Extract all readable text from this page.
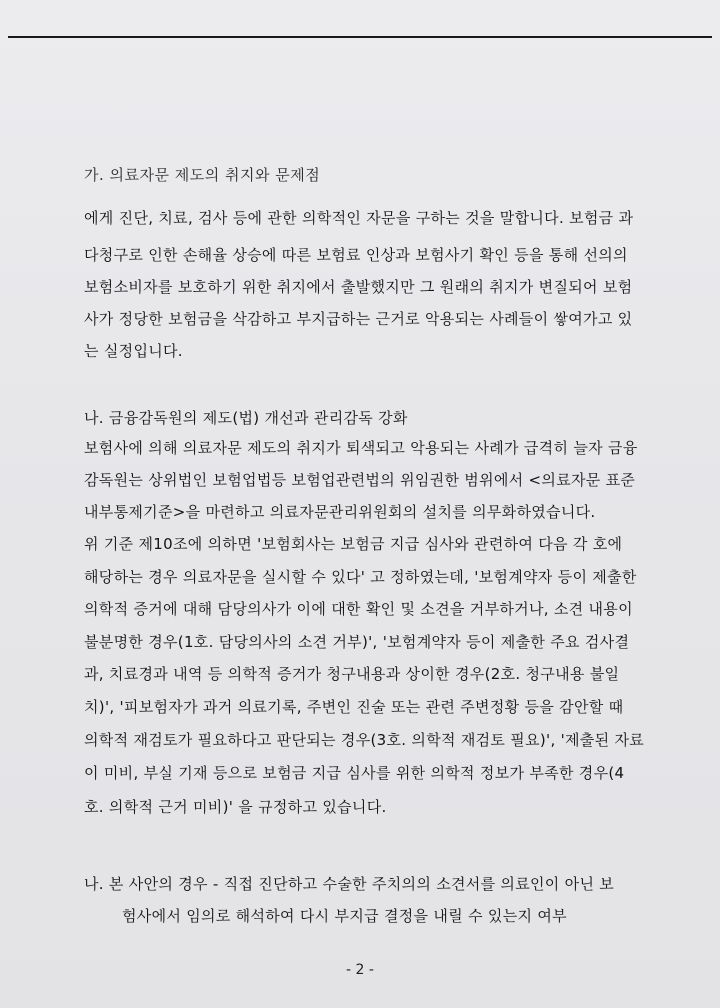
가. 의료자문 제도의 취지와 문제점
에게 진단, 치료, 검사 등에 관한 의학적인 자문을 구하는 것을 말합니다. 보험금 과
다청구로 인한 손해율 상승에 따른 보험료 인상과 보험사기 확인 등을 통해 선의의
보험소비자를 보호하기 위한 취지에서 출발했지만 그 원래의 취지가 변질되어 보험
사가 정당한 보험금을 삭감하고 부지급하는 근거로 악용되는 사례들이 쌓여가고 있
는 실정입니다.
나. 금융감독원의 제도(법) 개선과 관리감독 강화
보험사에 의해 의료자문 제도의 취지가 퇴색되고 악용되는 사례가 급격히 늘자 금융
감독원는 상위법인 보험업법등 보험업관련법의 위임권한 범위에서 <의료자문 표준
내부통제기준>을 마련하고 의료자문관리위원회의 설치를 의무화하였습니다.
위 기준 제10조에 의하면 '보험회사는 보험금 지급 심사와 관련하여 다음 각 호에
해당하는 경우 의료자문을 실시할 수 있다' 고 정하였는데, '보험계약자 등이 제출한
의학적 증거에 대해 담당의사가 이에 대한 확인 및 소견을 거부하거나, 소견 내용이
불분명한 경우(1호. 담당의사의 소견 거부)', '보험계약자 등이 제출한 주요 검사결
과, 치료경과 내역 등 의학적 증거가 청구내용과 상이한 경우(2호. 청구내용 불일
치)', '피보험자가 과거 의료기록, 주변인 진술 또는 관련 주변정황 등을 감안할 때
의학적 재검토가 필요하다고 판단되는 경우(3호. 의학적 재검토 필요)', '제출된 자료
이 미비, 부실 기재 등으로 보험금 지급 심사를 위한 의학적 정보가 부족한 경우(4
호. 의학적 근거 미비)' 을 규정하고 있습니다.
나. 본 사안의 경우 - 직접 진단하고 수술한 주치의의 소견서를 의료인이 아닌 보
험사에서 임의로 해석하여 다시 부지급 결정을 내릴 수 있는지 여부
- 2 -
